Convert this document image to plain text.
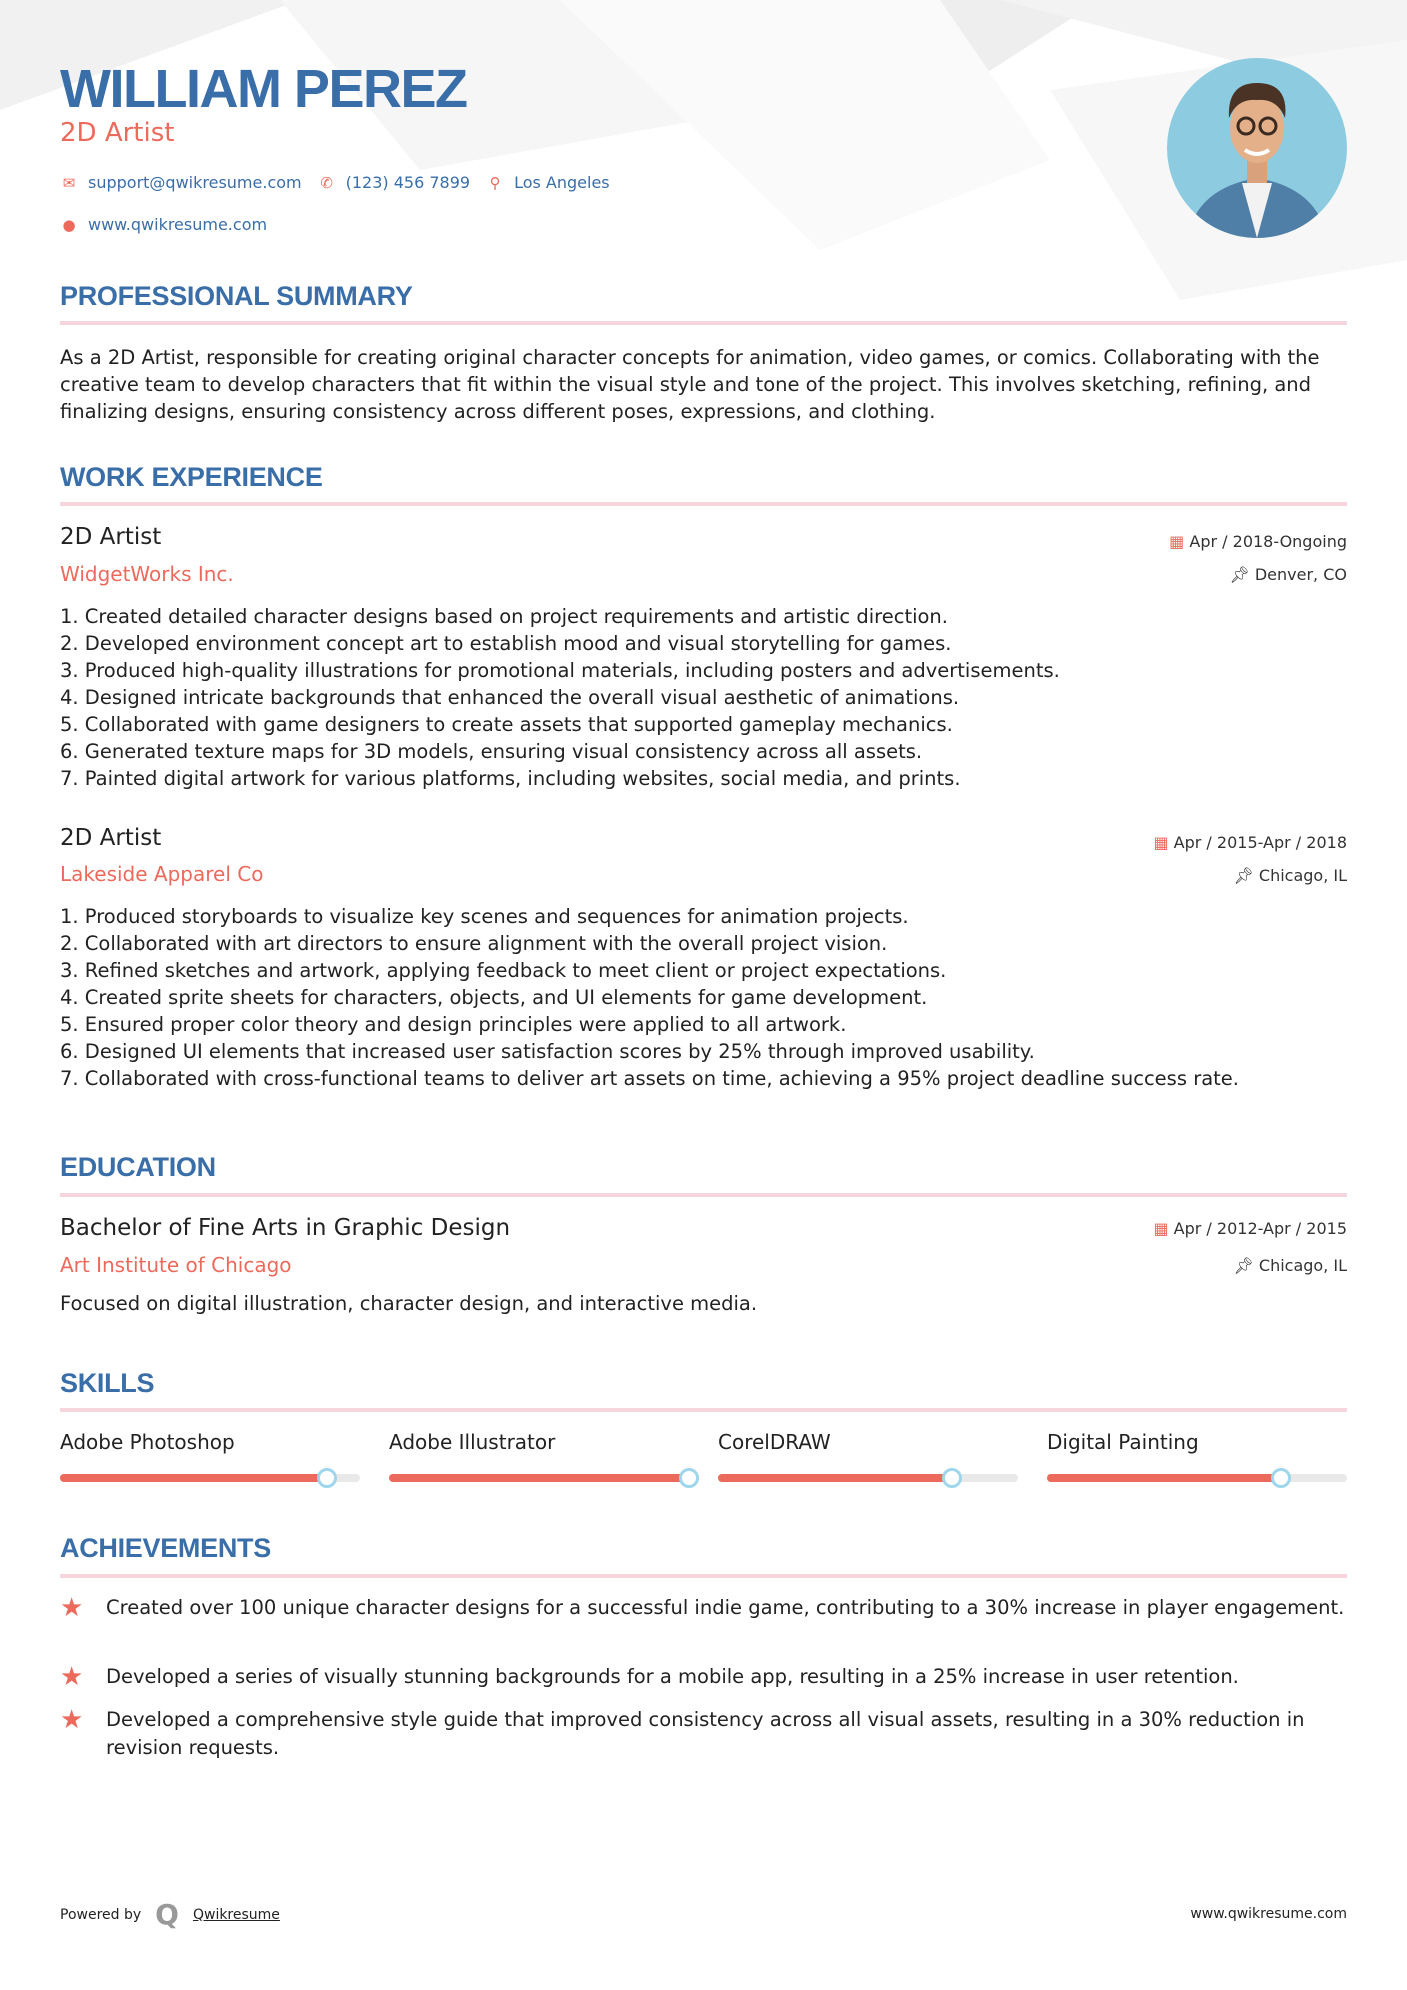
WILLIAM PEREZ
2D Artist
✉ support@qwikresume.com ✆ (123) 456 7899 ⚲ Los Angeles
● www.qwikresume.com
PROFESSIONAL SUMMARY
As a 2D Artist, responsible for creating original character concepts for animation, video games, or comics. Collaborating with the creative team to develop characters that fit within the visual style and tone of the project. This involves sketching, refining, and finalizing designs, ensuring consistency across different poses, expressions, and clothing.
WORK EXPERIENCE
2D Artist
WidgetWorks Inc.
▦ Apr / 2018-Ongoing
📌︎ Denver, CO
1. Created detailed character designs based on project requirements and artistic direction.
2. Developed environment concept art to establish mood and visual storytelling for games.
3. Produced high-quality illustrations for promotional materials, including posters and advertisements.
4. Designed intricate backgrounds that enhanced the overall visual aesthetic of animations.
5. Collaborated with game designers to create assets that supported gameplay mechanics.
6. Generated texture maps for 3D models, ensuring visual consistency across all assets.
7. Painted digital artwork for various platforms, including websites, social media, and prints.
2D Artist
Lakeside Apparel Co
▦ Apr / 2015-Apr / 2018
📌︎ Chicago, IL
1. Produced storyboards to visualize key scenes and sequences for animation projects.
2. Collaborated with art directors to ensure alignment with the overall project vision.
3. Refined sketches and artwork, applying feedback to meet client or project expectations.
4. Created sprite sheets for characters, objects, and UI elements for game development.
5. Ensured proper color theory and design principles were applied to all artwork.
6. Designed UI elements that increased user satisfaction scores by 25% through improved usability.
7. Collaborated with cross-functional teams to deliver art assets on time, achieving a 95% project deadline success rate.
EDUCATION
Bachelor of Fine Arts in Graphic Design
Art Institute of Chicago
▦ Apr / 2012-Apr / 2015
📌︎ Chicago, IL
Focused on digital illustration, character design, and interactive media.
SKILLS
Adobe Photoshop	Adobe Illustrator	CorelDRAW	Digital Painting
ACHIEVEMENTS
★	Created over 100 unique character designs for a successful indie game, contributing to a 30% increase in player engagement.
★	Developed a series of visually stunning backgrounds for a mobile app, resulting in a 25% increase in user retention.
★	Developed a comprehensive style guide that improved consistency across all visual assets, resulting in a 30% reduction in revision requests.
Powered by Q Qwikresume	www.qwikresume.com
